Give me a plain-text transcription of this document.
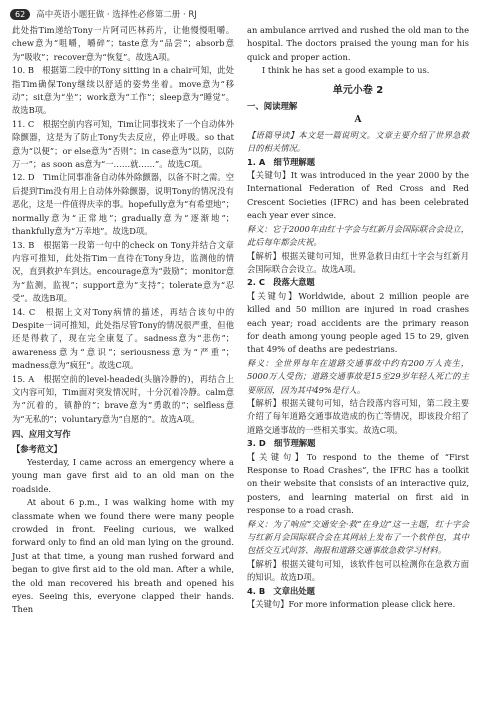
62	高中英语小题狂做 · 选择性必修第二册 · RJ

此处指Tim递给Tony一片阿司匹林药片，让他慢慢咀嚼。chew意为“咀嚼，嚼碎”；taste意为“品尝”；absorb意为“吸收”；recover意为“恢复”。故选A项。

10. B　根据第二段中的Tony sitting in a chair可知，此处指Tim确保Tony继续以舒适的姿势坐着。move意为“移动”；sit意为“坐”；work意为“工作”；sleep意为“睡觉”。故选B项。

11. C　根据空前内容可知，Tim让同事找来了一个自动体外除颤器，这是为了防止Tony失去反应，停止呼吸。so that意为“以便”；or else意为“否则”；in case意为“以防，以防万一”；as soon as意为“一……就……”。故选C项。

12. D　Tim让同事准备自动体外除颤器，以备不时之需。空后提到Tim没有用上自动体外除颤器，说明Tony的情况没有恶化，这是一件值得庆幸的事。hopefully意为“有希望地”；normally意为“正常地”；gradually意为“逐渐地”；thankfully意为“万幸地”。故选D项。

13. B　根据第一段第一句中的check on Tony并结合文章内容可推知，此处指Tim一直待在Tony身边，监测他的情况，直到救护车到达。encourage意为“鼓励”；monitor意为“监测，监视”；support意为“支持”；tolerate意为“忍受”。故选B项。

14. C　根据上文对Tony病情的描述，再结合该句中的Despite一词可推知，此处指尽管Tony的情况很严重，但他还是得救了，现在完全康复了。sadness意为“悲伤”；awareness意为“意识”；seriousness意为“严重”；madness意为“疯狂”。故选C项。

15. A　根据空前的level-headed(头脑冷静的)，再结合上文内容可知，Tim面对突发情况时，十分沉着冷静。calm意为“沉着的，镇静的”；brave意为“勇敢的”；selfless意为“无私的”；voluntary意为“自愿的”。故选A项。

四、应用文写作

【参考范文】

Yesterday, I came across an emergency where a young man gave first aid to an old man on the roadside.

At about 6 p.m., I was walking home with my classmate when we found there were many people crowded in front. Feeling curious, we walked forward only to find an old man lying on the ground. Just at that time, a young man rushed forward and began to give first aid to the old man. After a while, the old man recovered his breath and opened his eyes. Seeing this, everyone clapped their hands. Then

an ambulance arrived and rushed the old man to the hospital. The doctors praised the young man for his quick and proper action.

I think he has set a good example to us.

单元小卷 2

一、阅读理解

A

【语篇导读】本文是一篇说明文。文章主要介绍了世界急救日的相关情况。

1. A　细节理解题

【关键句】It was introduced in the year 2000 by the International Federation of Red Cross and Red Crescent Societies (IFRC) and has been celebrated each year ever since.

释义：它于2000年由红十字会与红新月会国际联合会设立，此后每年都会庆祝。

【解析】根据关键句可知，世界急救日由红十字会与红新月会国际联合会设立。故选A项。

2. C　段落大意题

【关键句】Worldwide, about 2 million people are killed and 50 million are injured in road crashes each year; road accidents are the primary reason for death among young people aged 15 to 29, given that 49% of deaths are pedestrians.

释义：全世界每年在道路交通事故中约有200万人丧生，5000万人受伤；道路交通事故是15至29岁年轻人死亡的主要原因，因为其中49%是行人。

【解析】根据关键句可知，结合段落内容可知，第二段主要介绍了每年道路交通事故造成的伤亡等情况，即该段介绍了道路交通事故的一些相关事实。故选C项。

3. D　细节理解题

【关键句】To respond to the theme of “First Response to Road Crashes”, the IFRC has a toolkit on their website that consists of an interactive quiz, posters, and learning material on first aid in response to a road crash.

释义：为了响应“交通安全·救”在身边”这一主题，红十字会与红新月会国际联合会在其网站上发布了一个软件包，其中包括交互式问答、海报和道路交通事故急救学习材料。

【解析】根据关键句可知，该软件包可以检测你在急救方面的知识。故选D项。

4. B　文章出处题

【关键句】For more information please click here.
